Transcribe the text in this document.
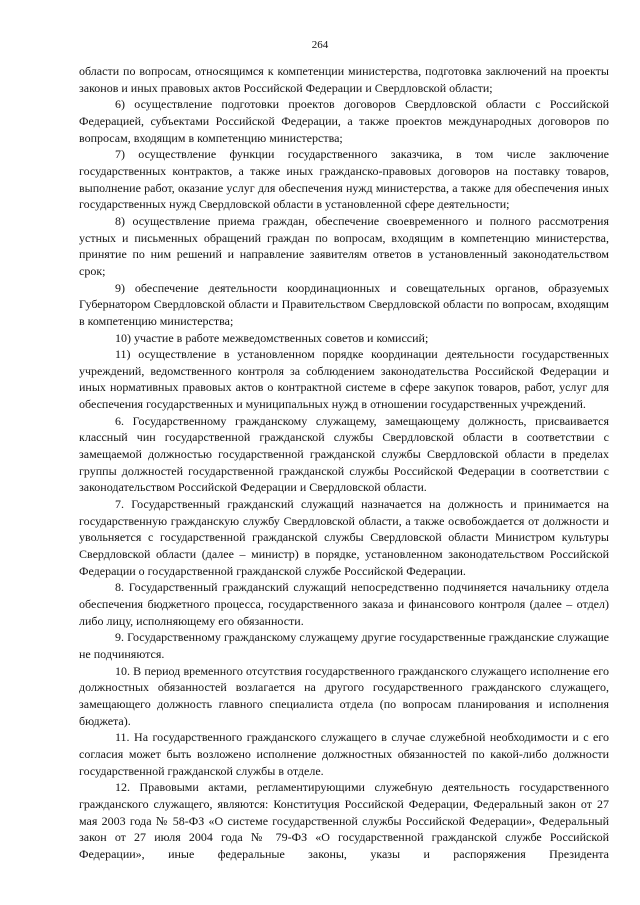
264

области по вопросам, относящимся к компетенции министерства, подготовка заключений на проекты законов и иных правовых актов Российской Федерации и Свердловской области;

6) осуществление подготовки проектов договоров Свердловской области с Российской Федерацией, субъектами Российской Федерации, а также проектов международных договоров по вопросам, входящим в компетенцию министерства;

7) осуществление функции государственного заказчика, в том числе заключение государственных контрактов, а также иных гражданско-правовых договоров на поставку товаров, выполнение работ, оказание услуг для обеспечения нужд министерства, а также для обеспечения иных государственных нужд Свердловской области в установленной сфере деятельности;

8) осуществление приема граждан, обеспечение своевременного и полного рассмотрения устных и письменных обращений граждан по вопросам, входящим в компетенцию министерства, принятие по ним решений и направление заявителям ответов в установленный законодательством срок;

9) обеспечение деятельности координационных и совещательных органов, образуемых Губернатором Свердловской области и Правительством Свердловской области по вопросам, входящим в компетенцию министерства;

10) участие в работе межведомственных советов и комиссий;

11) осуществление в установленном порядке координации деятельности государственных учреждений, ведомственного контроля за соблюдением законодательства Российской Федерации и иных нормативных правовых актов о контрактной системе в сфере закупок товаров, работ, услуг для обеспечения государственных и муниципальных нужд в отношении государственных учреждений.

6. Государственному гражданскому служащему, замещающему должность, присваивается классный чин государственной гражданской службы Свердловской области в соответствии с замещаемой должностью государственной гражданской службы Свердловской области в пределах группы должностей государственной гражданской службы Российской Федерации в соответствии с законодательством Российской Федерации и Свердловской области.

7. Государственный гражданский служащий назначается на должность и принимается на государственную гражданскую службу Свердловской области, а также освобождается от должности и увольняется с государственной гражданской службы Свердловской области Министром культуры Свердловской области (далее – министр) в порядке, установленном законодательством Российской Федерации о государственной гражданской службе Российской Федерации.

8. Государственный гражданский служащий непосредственно подчиняется начальнику отдела обеспечения бюджетного процесса, государственного заказа и финансового контроля (далее – отдел) либо лицу, исполняющему его обязанности.

9. Государственному гражданскому служащему другие государственные гражданские служащие не подчиняются.

10. В период временного отсутствия государственного гражданского служащего исполнение его должностных обязанностей возлагается на другого государственного гражданского служащего, замещающего должность главного специалиста отдела (по вопросам планирования и исполнения бюджета).

11. На государственного гражданского служащего в случае служебной необходимости и с его согласия может быть возложено исполнение должностных обязанностей по какой-либо должности государственной гражданской службы в отделе.

12. Правовыми актами, регламентирующими служебную деятельность государственного гражданского служащего, являются: Конституция Российской Федерации, Федеральный закон от 27 мая 2003 года № 58-ФЗ «О системе государственной службы Российской Федерации», Федеральный закон от 27 июля 2004 года № 79-ФЗ «О государственной гражданской службе Российской Федерации», иные федеральные законы, указы и распоряжения Президента
